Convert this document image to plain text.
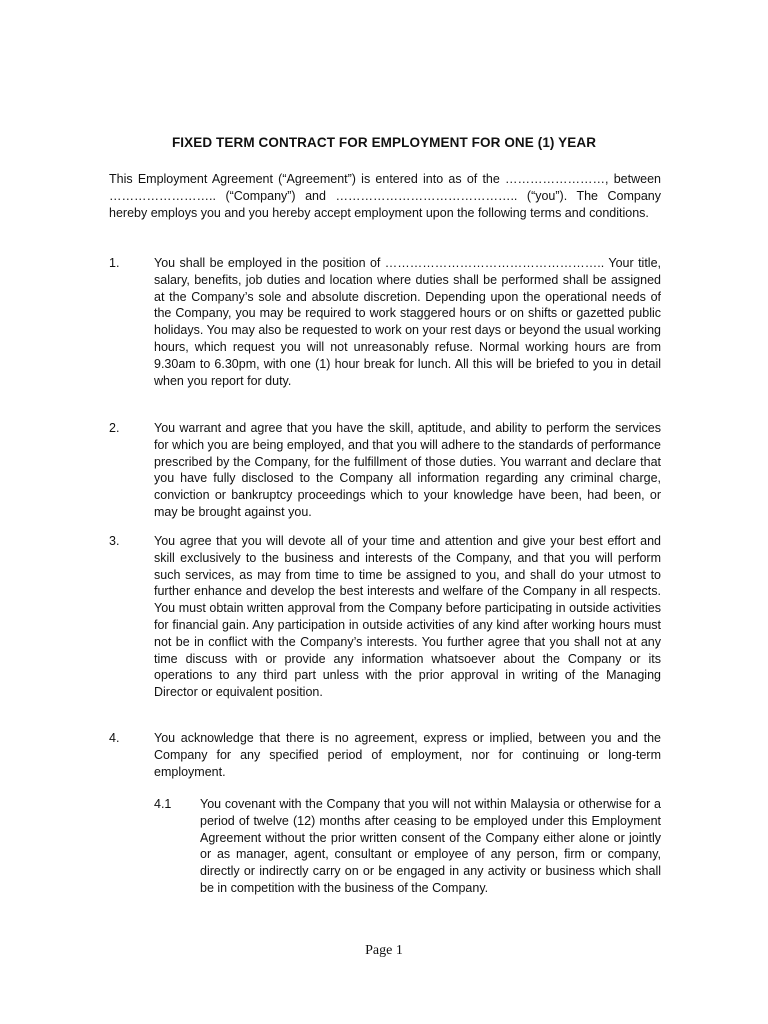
FIXED TERM CONTRACT FOR EMPLOYMENT FOR ONE (1) YEAR

This Employment Agreement (“Agreement”) is entered into as of the ……………………, between …………………….. (“Company”) and …………………………………….. (“you”). The Company hereby employs you and you hereby accept employment upon the following terms and conditions.

1.	You shall be employed in the position of …………………………………………….. Your title, salary, benefits, job duties and location where duties shall be performed shall be assigned at the Company’s sole and absolute discretion. Depending upon the operational needs of the Company, you may be required to work staggered hours or on shifts or gazetted public holidays. You may also be requested to work on your rest days or beyond the usual working hours, which request you will not unreasonably refuse. Normal working hours are from 9.30am to 6.30pm, with one (1) hour break for lunch. All this will be briefed to you in detail when you report for duty.
2.	You warrant and agree that you have the skill, aptitude, and ability to perform the services for which you are being employed, and that you will adhere to the standards of performance prescribed by the Company, for the fulfillment of those duties. You warrant and declare that you have fully disclosed to the Company all information regarding any criminal charge, conviction or bankruptcy proceedings which to your knowledge have been, had been, or may be brought against you.
3.	You agree that you will devote all of your time and attention and give your best effort and skill exclusively to the business and interests of the Company, and that you will perform such services, as may from time to time be assigned to you, and shall do your utmost to further enhance and develop the best interests and welfare of the Company in all respects. You must obtain written approval from the Company before participating in outside activities for financial gain. Any participation in outside activities of any kind after working hours must not be in conflict with the Company’s interests. You further agree that you shall not at any time discuss with or provide any information whatsoever about the Company or its operations to any third part unless with the prior approval in writing of the Managing Director or equivalent position.
4.	You acknowledge that there is no agreement, express or implied, between you and the Company for any specified period of employment, nor for continuing or long-term employment.
4.1 You covenant with the Company that you will not within Malaysia or otherwise for a period of twelve (12) months after ceasing to be employed under this Employment Agreement without the prior written consent of the Company either alone or jointly or as manager, agent, consultant or employee of any person, firm or company, directly or indirectly carry on or be engaged in any activity or business which shall be in competition with the business of the Company.
Page 1
